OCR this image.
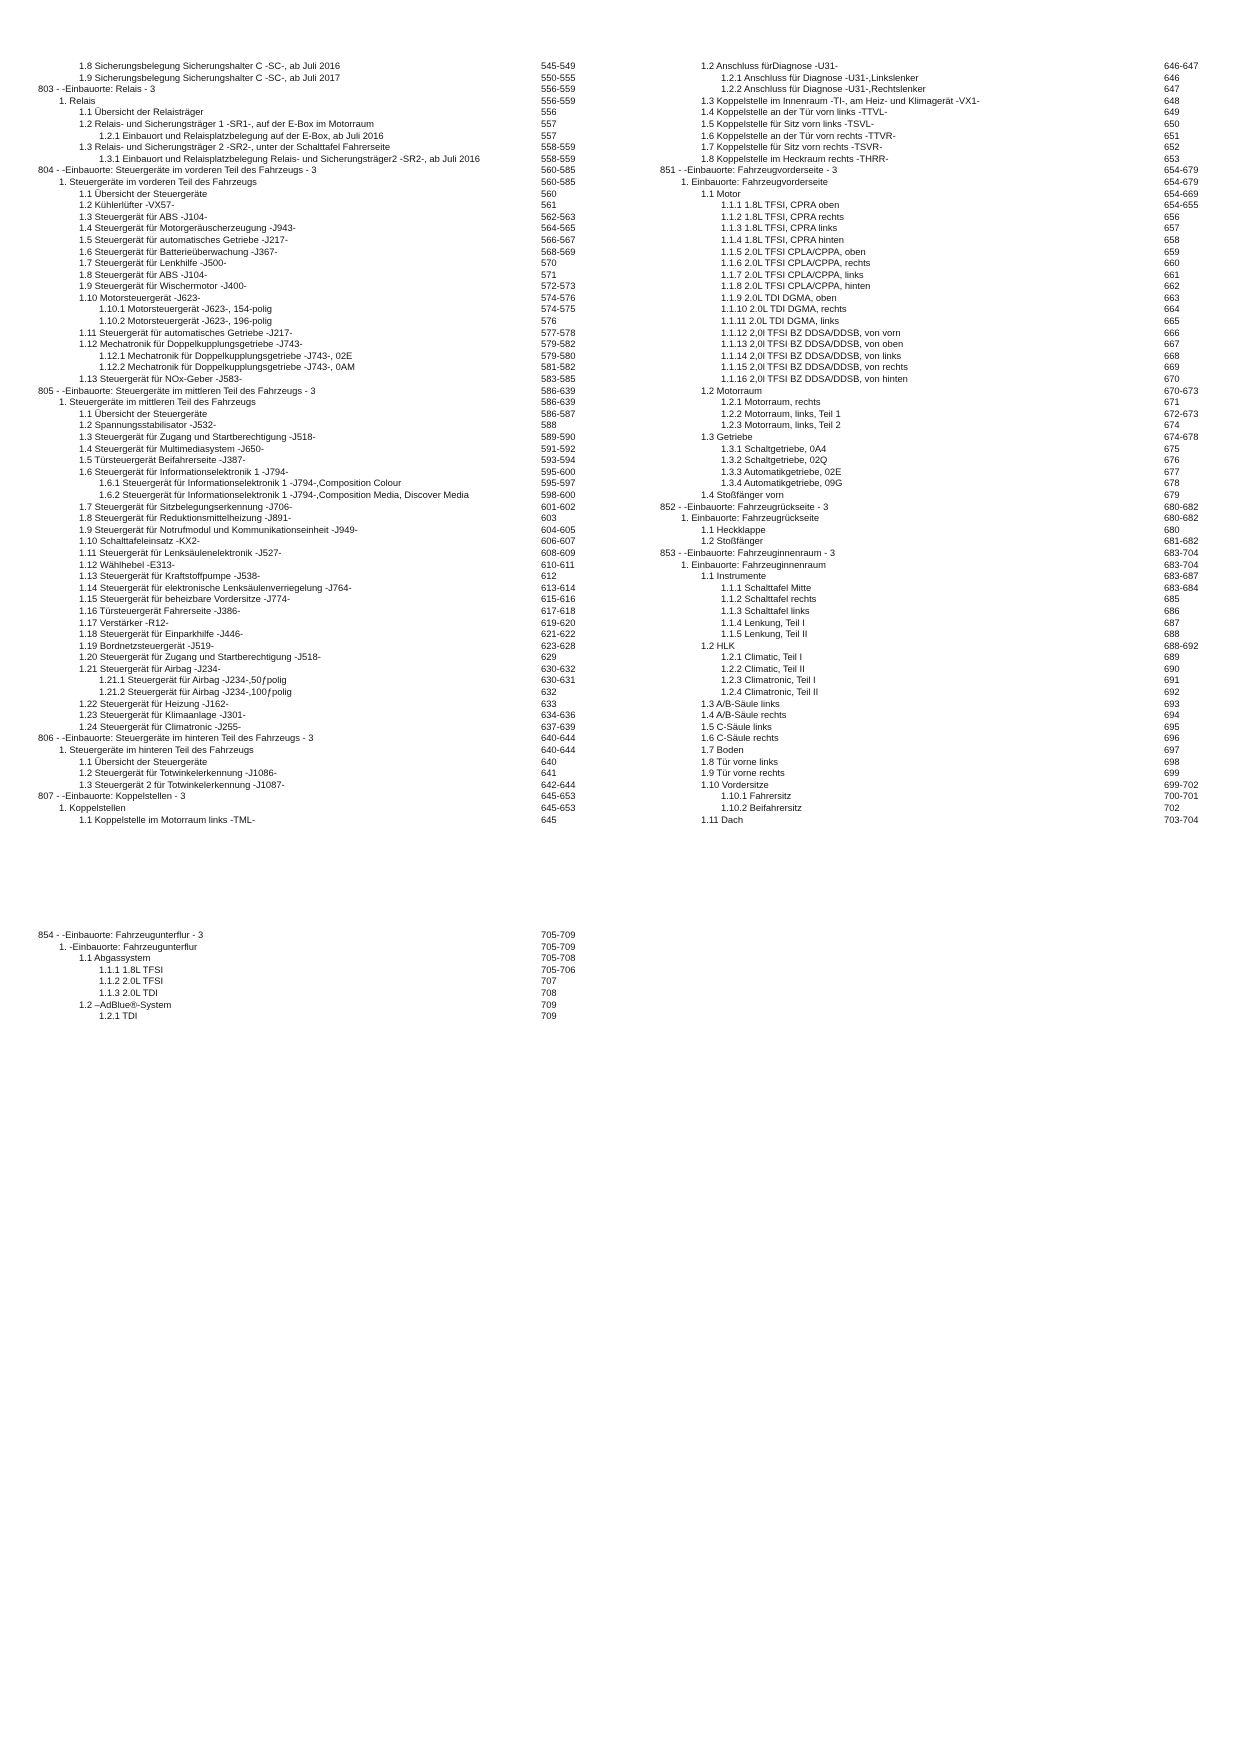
1.8 Sicherungsbelegung Sicherungshalter C -SC-, ab Juli 2016	545-549
1.9 Sicherungsbelegung Sicherungshalter C -SC-, ab Juli 2017	550-555
803 - -Einbauorte: Relais - 3	556-559
1. Relais	556-559
1.1 Übersicht der Relaisträger	556
1.2 Relais- und Sicherungsträger 1 -SR1-, auf der E-Box im Motorraum	557
1.2.1 Einbauort und Relaisplatzbelegung auf der E-Box, ab Juli 2016	557
1.3 Relais- und Sicherungsträger 2 -SR2-, unter der Schalttafel Fahrerseite	558-559
1.3.1 Einbauort und Relaisplatzbelegung Relais- und Sicherungsträger2 -SR2-, ab Juli 2016	558-559
804 - -Einbauorte: Steuergeräte im vorderen Teil des Fahrzeugs - 3	560-585
1. Steuergeräte im vorderen Teil des Fahrzeugs	560-585
1.1 Übersicht der Steuergeräte	560
1.2 Kühlerlüfter -VX57-	561
1.3 Steuergerät für ABS -J104-	562-563
1.4 Steuergerät für Motorgeräuscherzeugung -J943-	564-565
1.5 Steuergerät für automatisches Getriebe -J217-	566-567
1.6 Steuergerät für Batterieüberwachung -J367-	568-569
1.7 Steuergerät für Lenkhilfe -J500-	570
1.8 Steuergerät für ABS -J104-	571
1.9 Steuergerät für Wischermotor -J400-	572-573
1.10 Motorsteuergerät -J623-	574-576
1.10.1 Motorsteuergerät -J623-, 154-polig	574-575
1.10.2 Motorsteuergerät -J623-, 196-polig	576
1.11 Steuergerät für automatisches Getriebe -J217-	577-578
1.12 Mechatronik für Doppelkupplungsgetriebe -J743-	579-582
1.12.1 Mechatronik für Doppelkupplungsgetriebe -J743-, 02E	579-580
1.12.2 Mechatronik für Doppelkupplungsgetriebe -J743-, 0AM	581-582
1.13 Steuergerät für NOx-Geber -J583-	583-585
805 - -Einbauorte: Steuergeräte im mittleren Teil des Fahrzeugs - 3	586-639
1. Steuergeräte im mittleren Teil des Fahrzeugs	586-639
1.1 Übersicht der Steuergeräte	586-587
1.2 Spannungsstabilisator -J532-	588
1.3 Steuergerät für Zugang und Startberechtigung -J518-	589-590
1.4 Steuergerät für Multimediasystem -J650-	591-592
1.5 Türsteuergerät Beifahrerseite -J387-	593-594
1.6 Steuergerät für Informationselektronik 1 -J794-	595-600
1.6.1 Steuergerät für Informationselektronik 1 -J794-,Composition Colour	595-597
1.6.2 Steuergerät für Informationselektronik 1 -J794-,Composition Media, Discover Media	598-600
1.7 Steuergerät für Sitzbelegungserkennung -J706-	601-602
1.8 Steuergerät für Reduktionsmittelheizung -J891-	603
1.9 Steuergerät für Notrufmodul und Kommunikationseinheit -J949-	604-605
1.10 Schalttafeleinsatz -KX2-	606-607
1.11 Steuergerät für Lenksäulenelektronik -J527-	608-609
1.12 Wählhebel -E313-	610-611
1.13 Steuergerät für Kraftstoffpumpe -J538-	612
1.14 Steuergerät für elektronische Lenksäulenverriegelung -J764-	613-614
1.15 Steuergerät für beheizbare Vordersitze -J774-	615-616
1.16 Türsteuergerät Fahrerseite -J386-	617-618
1.17 Verstärker -R12-	619-620
1.18 Steuergerät für Einparkhilfe -J446-	621-622
1.19 Bordnetzsteuergerät -J519-	623-628
1.20 Steuergerät für Zugang und Startberechtigung -J518-	629
1.21 Steuergerät für Airbag -J234-	630-632
1.21.1 Steuergerät für Airbag -J234-,50ƒpolig	630-631
1.21.2 Steuergerät für Airbag -J234-,100ƒpolig	632
1.22 Steuergerät für Heizung -J162-	633
1.23 Steuergerät für Klimaanlage -J301-	634-636
1.24 Steuergerät für Climatronic -J255-	637-639
806 - -Einbauorte: Steuergeräte im hinteren Teil des Fahrzeugs - 3	640-644
1. Steuergeräte im hinteren Teil des Fahrzeugs	640-644
1.1 Übersicht der Steuergeräte	640
1.2 Steuergerät für Totwinkelerkennung -J1086-	641
1.3 Steuergerät 2 für Totwinkelerkennung -J1087-	642-644
807 - -Einbauorte: Koppelstellen - 3	645-653
1. Koppelstellen	645-653
1.1 Koppelstelle im Motorraum links -TML-	645
1.2 Anschluss fürDiagnose -U31-	646-647
1.2.1 Anschluss für Diagnose -U31-,Linkslenker	646
1.2.2 Anschluss für Diagnose -U31-,Rechtslenker	647
1.3 Koppelstelle im Innenraum -TI-, am Heiz- und Klimagerät -VX1-	648
1.4 Koppelstelle an der Tür vorn links -TTVL-	649
1.5 Koppelstelle für Sitz vorn links -TSVL-	650
1.6 Koppelstelle an der Tür vorn rechts -TTVR-	651
1.7 Koppelstelle für Sitz vorn rechts -TSVR-	652
1.8 Koppelstelle im Heckraum rechts -THRR-	653
851 - -Einbauorte: Fahrzeugvorderseite - 3	654-679
1. Einbauorte: Fahrzeugvorderseite	654-679
1.1 Motor	654-669
1.1.1 1.8L TFSI, CPRA oben	654-655
1.1.2 1.8L TFSI, CPRA rechts	656
1.1.3 1.8L TFSI, CPRA links	657
1.1.4 1.8L TFSI, CPRA hinten	658
1.1.5 2.0L TFSI CPLA/CPPA, oben	659
1.1.6 2.0L TFSI CPLA/CPPA, rechts	660
1.1.7 2.0L TFSI CPLA/CPPA, links	661
1.1.8 2.0L TFSI CPLA/CPPA, hinten	662
1.1.9 2.0L TDI DGMA, oben	663
1.1.10 2.0L TDI DGMA, rechts	664
1.1.11 2.0L TDI DGMA, links	665
1.1.12 2,0l TFSI BZ DDSA/DDSB, von vorn	666
1.1.13 2,0l TFSI BZ DDSA/DDSB, von oben	667
1.1.14 2,0l TFSI BZ DDSA/DDSB, von links	668
1.1.15 2,0l TFSI BZ DDSA/DDSB, von rechts	669
1.1.16 2,0l TFSI BZ DDSA/DDSB, von hinten	670
1.2 Motorraum	670-673
1.2.1 Motorraum, rechts	671
1.2.2 Motorraum, links, Teil 1	672-673
1.2.3 Motorraum, links, Teil 2	674
1.3 Getriebe	674-678
1.3.1 Schaltgetriebe, 0A4	675
1.3.2 Schaltgetriebe, 02Q	676
1.3.3 Automatikgetriebe, 02E	677
1.3.4 Automatikgetriebe, 09G	678
1.4 Stoßfänger vorn	679
852 - -Einbauorte: Fahrzeugrückseite - 3	680-682
1. Einbauorte: Fahrzeugrückseite	680-682
1.1 Heckklappe	680
1.2 Stoßfänger	681-682
853 - -Einbauorte: Fahrzeuginnenraum - 3	683-704
1. Einbauorte: Fahrzeuginnenraum	683-704
1.1 Instrumente	683-687
1.1.1 Schalttafel Mitte	683-684
1.1.2 Schalttafel rechts	685
1.1.3 Schalttafel links	686
1.1.4 Lenkung, Teil I	687
1.1.5 Lenkung, Teil II	688
1.2 HLK	688-692
1.2.1 Climatic, Teil I	689
1.2.2 Climatic, Teil II	690
1.2.3 Climatronic, Teil I	691
1.2.4 Climatronic, Teil II	692
1.3 A/B-Säule links	693
1.4 A/B-Säule rechts	694
1.5 C-Säule links	695
1.6 C-Säule rechts	696
1.7 Boden	697
1.8 Tür vorne links	698
1.9 Tür vorne rechts	699
1.10 Vordersitze	699-702
1.10.1 Fahrersitz	700-701
1.10.2 Beifahrersitz	702
1.11 Dach	703-704
854 - -Einbauorte: Fahrzeugunterflur - 3	705-709
1. -Einbauorte: Fahrzeugunterflur	705-709
1.1 Abgassystem	705-708
1.1.1 1.8L TFSI	705-706
1.1.2 2.0L TFSI	707
1.1.3 2.0L TDI	708
1.2 –AdBlue®-System	709
1.2.1 TDI	709
